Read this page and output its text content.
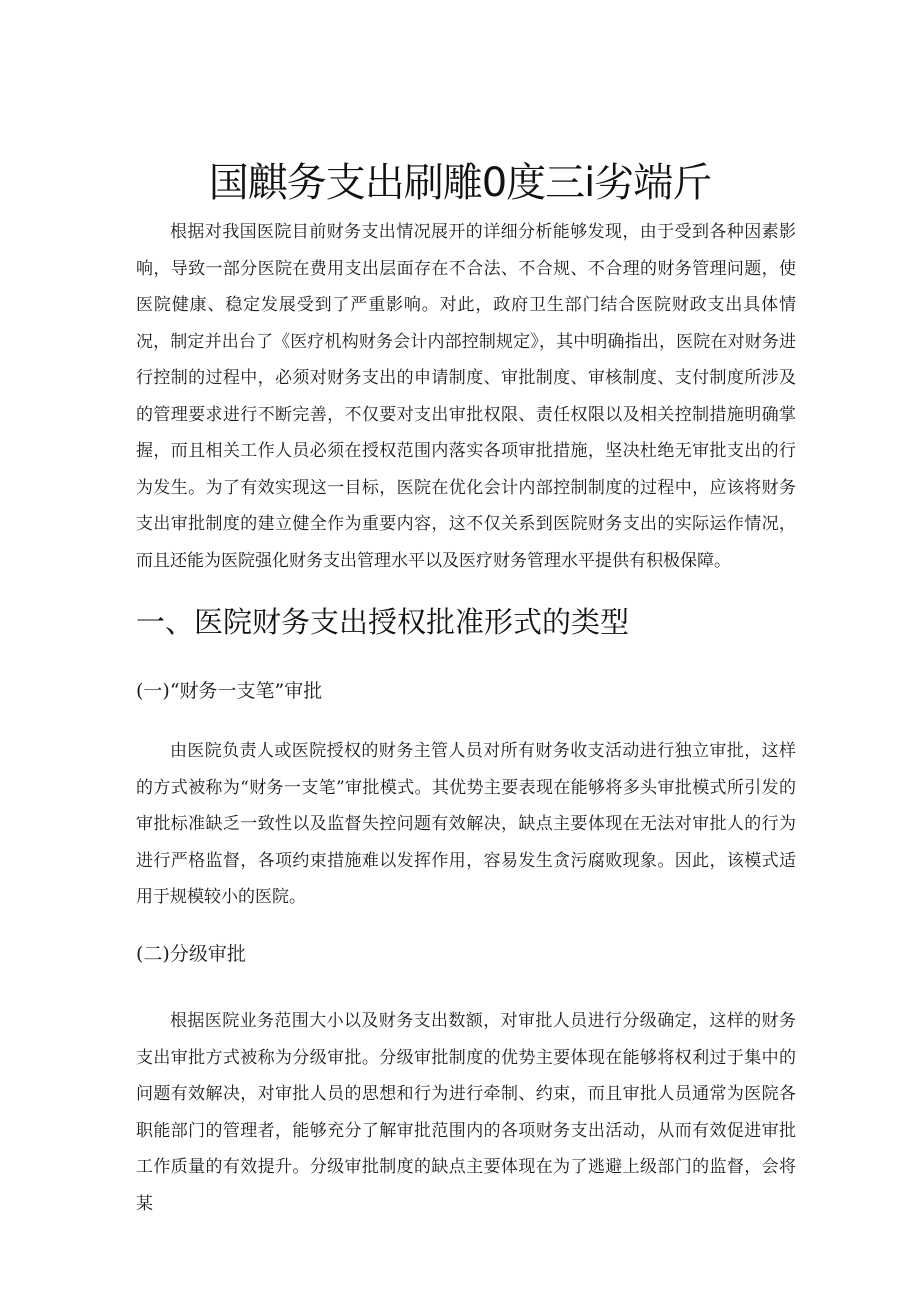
国麒务支出刷雕0度三i劣端斤

根据对我国医院目前财务支出情况展开的详细分析能够发现，由于受到各种因素影响，导致一部分医院在费用支出层面存在不合法、不合规、不合理的财务管理问题，使医院健康、稳定发展受到了严重影响。对此，政府卫生部门结合医院财政支出具体情况，制定并出台了《医疗机构财务会计内部控制规定》，其中明确指出，医院在对财务进行控制的过程中，必须对财务支出的申请制度、审批制度、审核制度、支付制度所涉及的管理要求进行不断完善，不仅要对支出审批权限、责任权限以及相关控制措施明确掌握，而且相关工作人员必须在授权范围内落实各项审批措施，坚决杜绝无审批支出的行为发生。为了有效实现这一目标，医院在优化会计内部控制制度的过程中，应该将财务支出审批制度的建立健全作为重要内容，这不仅关系到医院财务支出的实际运作情况，而且还能为医院强化财务支出管理水平以及医疗财务管理水平提供有积极保障。

一、医院财务支出授权批准形式的类型
(一)“财务一支笔”审批

由医院负责人或医院授权的财务主管人员对所有财务收支活动进行独立审批，这样的方式被称为“财务一支笔”审批模式。其优势主要表现在能够将多头审批模式所引发的审批标准缺乏一致性以及监督失控问题有效解决，缺点主要体现在无法对审批人的行为进行严格监督，各项约束措施难以发挥作用，容易发生贪污腐败现象。因此，该模式适用于规模较小的医院。

(二)分级审批

根据医院业务范围大小以及财务支出数额，对审批人员进行分级确定，这样的财务支出审批方式被称为分级审批。分级审批制度的优势主要体现在能够将权利过于集中的问题有效解决，对审批人员的思想和行为进行牵制、约束，而且审批人员通常为医院各职能部门的管理者，能够充分了解审批范围内的各项财务支出活动，从而有效促进审批工作质量的有效提升。分级审批制度的缺点主要体现在为了逃避上级部门的监督，会将某
